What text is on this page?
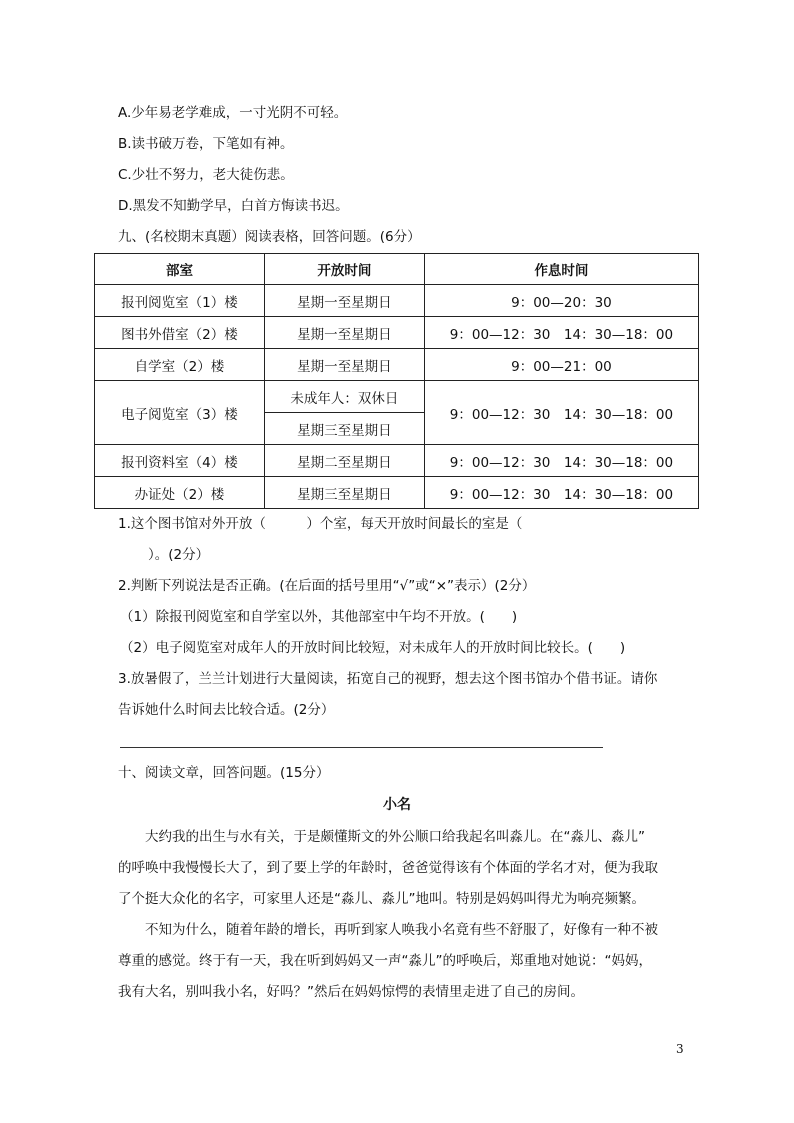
A.少年易老学难成，一寸光阴不可轻。
B.读书破万卷，下笔如有神。
C.少壮不努力，老大徒伤悲。
D.黑发不知勤学早，白首方悔读书迟。
九、(名校期末真题）阅读表格，回答问题。(6分）
部室	开放时间	作息时间
报刊阅览室（1）楼	星期一至星期日	9：00—20：30
图书外借室（2）楼	星期一至星期日	9：00—12：30　14：30—18：00
自学室（2）楼	星期一至星期日	9：00—21：00
电子阅览室（3）楼	未成年人：双休日	9：00—12：30　14：30—18：00
	星期三至星期日	
报刊资料室（4）楼	星期二至星期日	9：00—12：30　14：30—18：00
办证处（2）楼	星期三至星期日	9：00—12：30　14：30—18：00
1.这个图书馆对外开放（　　　）个室，每天开放时间最长的室是（
）。(2分）
2.判断下列说法是否正确。(在后面的括号里用“√”或“×”表示）(2分）
（1）除报刊阅览室和自学室以外，其他部室中午均不开放。(　　)
（2）电子阅览室对成年人的开放时间比较短，对未成年人的开放时间比较长。(　　)
3.放暑假了，兰兰计划进行大量阅读，拓宽自己的视野，想去这个图书馆办个借书证。请你
告诉她什么时间去比较合适。(2分）
十、阅读文章，回答问题。(15分）
小名
　　大约我的出生与水有关，于是颇懂斯文的外公顺口给我起名叫淼儿。在“淼儿、淼儿”
的呼唤中我慢慢长大了，到了要上学的年龄时，爸爸觉得该有个体面的学名才对，便为我取
了个挺大众化的名字，可家里人还是“淼儿、淼儿”地叫。特别是妈妈叫得尤为响亮频繁。
　　不知为什么，随着年龄的增长，再听到家人唤我小名竟有些不舒服了，好像有一种不被
尊重的感觉。终于有一天，我在听到妈妈又一声“淼儿”的呼唤后，郑重地对她说：“妈妈，
我有大名，别叫我小名，好吗？”然后在妈妈惊愕的表情里走进了自己的房间。
3
